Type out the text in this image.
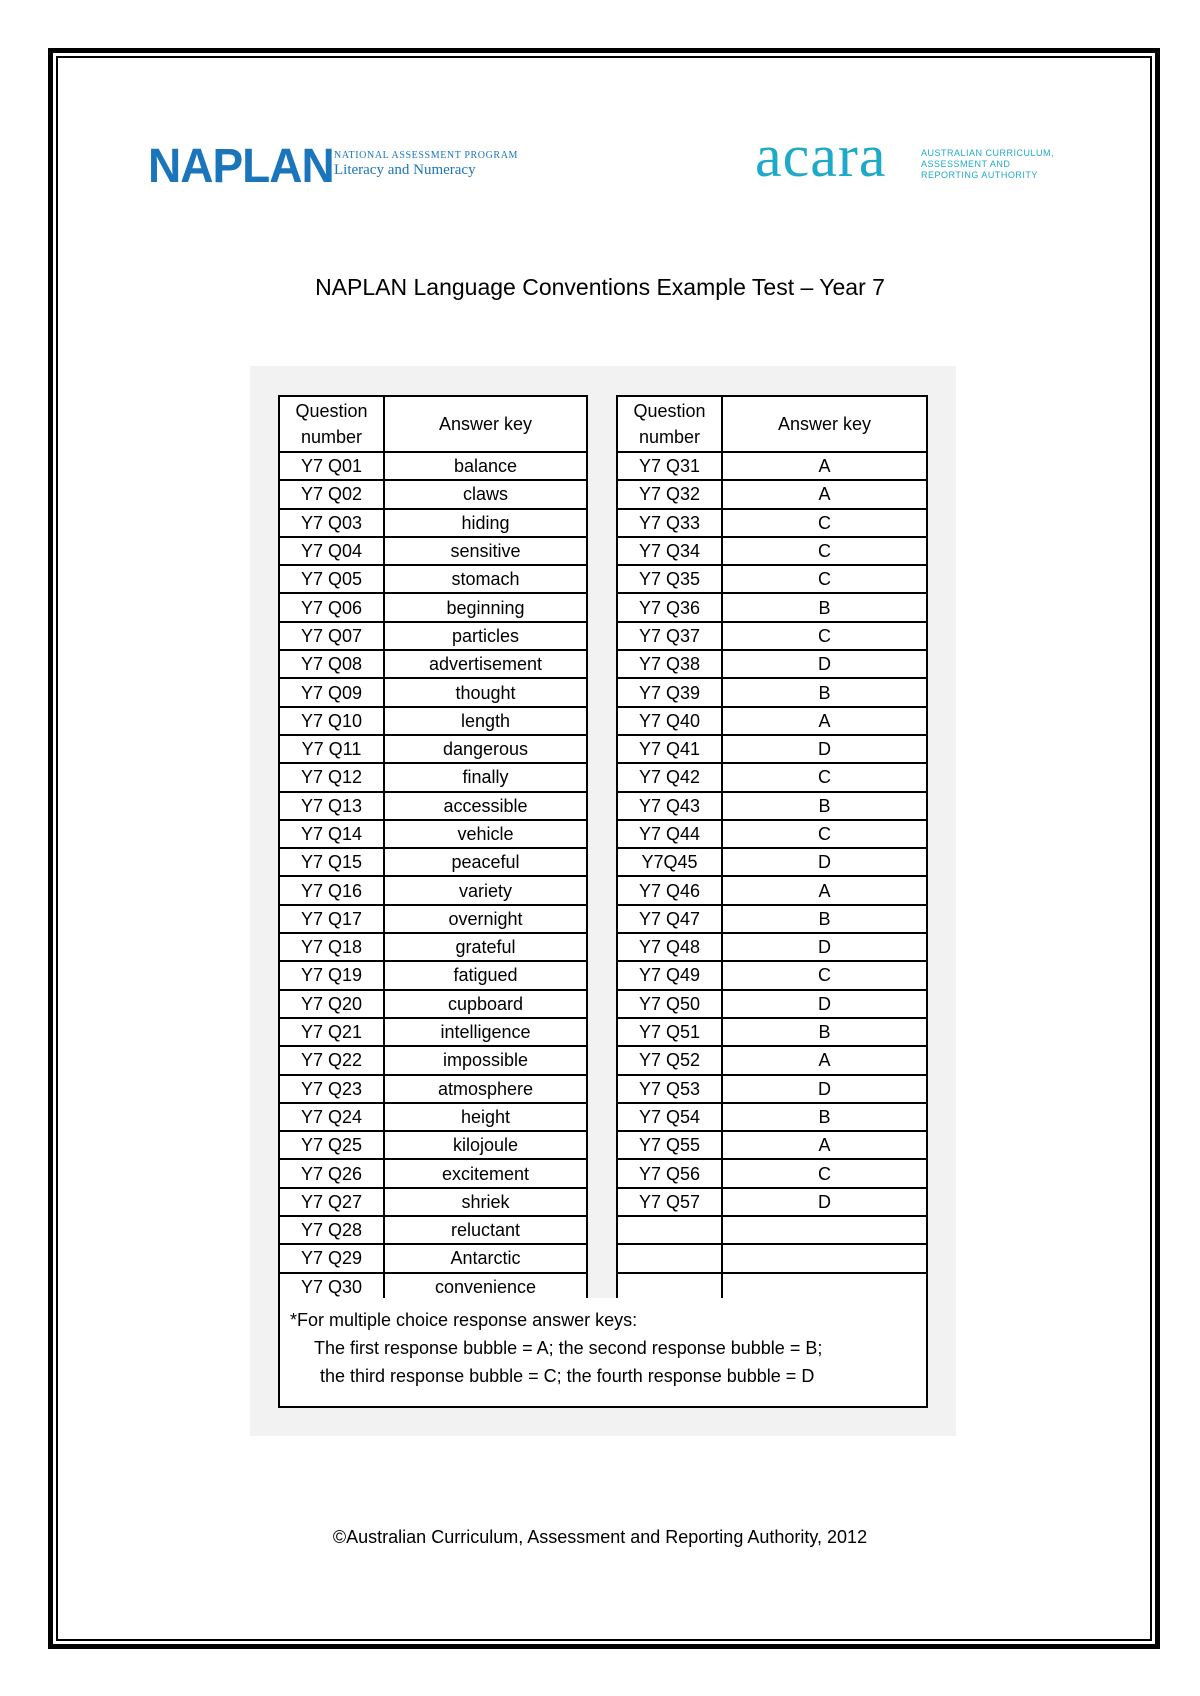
NAPLAN NATIONAL ASSESSMENT PROGRAM
Literacy and Numeracy	acara	AUSTRALIAN CURRICULUM,
ASSESSMENT AND
REPORTING AUTHORITY
NAPLAN Language Conventions Example Test – Year 7
Question number	Answer key
Y7 Q01	balance
Y7 Q02	claws
Y7 Q03	hiding
Y7 Q04	sensitive
Y7 Q05	stomach
Y7 Q06	beginning
Y7 Q07	particles
Y7 Q08	advertisement
Y7 Q09	thought
Y7 Q10	length
Y7 Q11	dangerous
Y7 Q12	finally
Y7 Q13	accessible
Y7 Q14	vehicle
Y7 Q15	peaceful
Y7 Q16	variety
Y7 Q17	overnight
Y7 Q18	grateful
Y7 Q19	fatigued
Y7 Q20	cupboard
Y7 Q21	intelligence
Y7 Q22	impossible
Y7 Q23	atmosphere
Y7 Q24	height
Y7 Q25	kilojoule
Y7 Q26	excitement
Y7 Q27	shriek
Y7 Q28	reluctant
Y7 Q29	Antarctic
Y7 Q30	convenience
Question number	Answer key
Y7 Q31	A
Y7 Q32	A
Y7 Q33	C
Y7 Q34	C
Y7 Q35	C
Y7 Q36	B
Y7 Q37	C
Y7 Q38	D
Y7 Q39	B
Y7 Q40	A
Y7 Q41	D
Y7 Q42	C
Y7 Q43	B
Y7 Q44	C
Y7Q45	D
Y7 Q46	A
Y7 Q47	B
Y7 Q48	D
Y7 Q49	C
Y7 Q50	D
Y7 Q51	B
Y7 Q52	A
Y7 Q53	D
Y7 Q54	B
Y7 Q55	A
Y7 Q56	C
Y7 Q57	D

*For multiple choice response answer keys:
The first response bubble = A; the second response bubble = B;
the third response bubble = C; the fourth response bubble = D
©Australian Curriculum, Assessment and Reporting Authority, 2012
